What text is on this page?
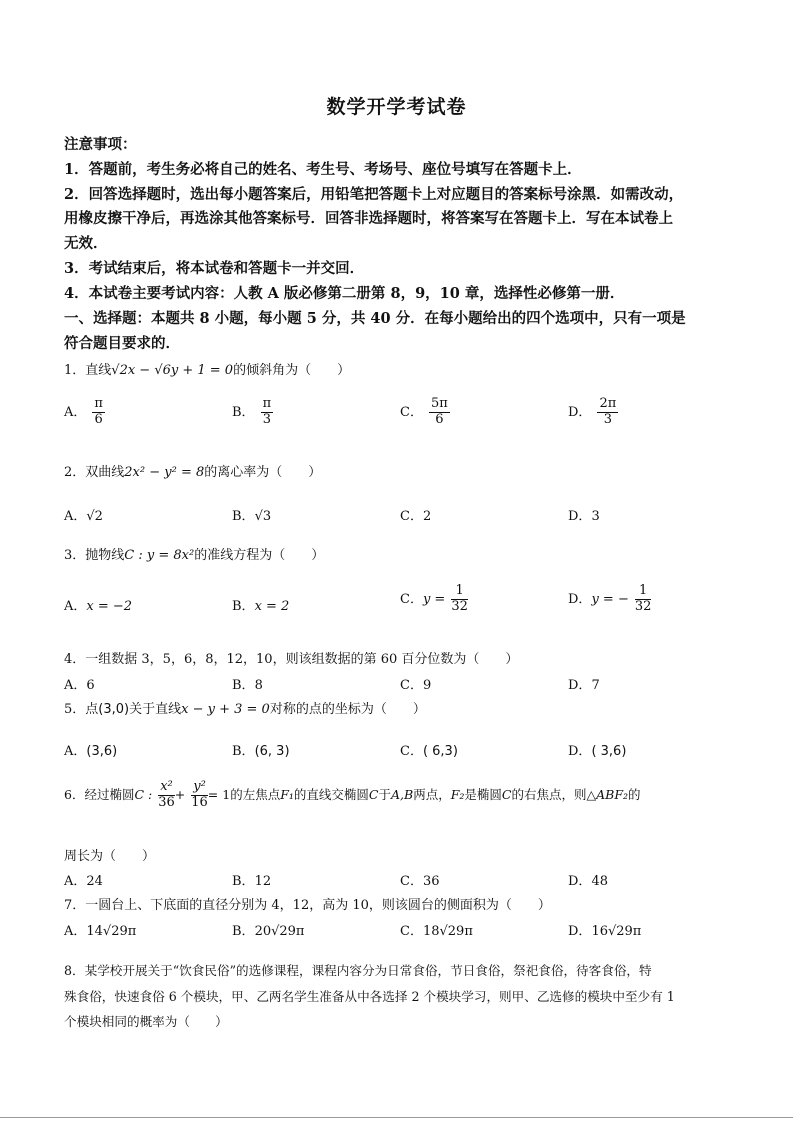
数学开学考试卷
注意事项：
1．答题前，考生务必将自己的姓名、考生号、考场号、座位号填写在答题卡上．
2．回答选择题时，选出每小题答案后，用铅笔把答题卡上对应题目的答案标号涂黑．如需改动，
用橡皮擦干净后，再选涂其他答案标号．回答非选择题时，将答案写在答题卡上．写在本试卷上
无效．
3．考试结束后，将本试卷和答题卡一并交回．
4．本试卷主要考试内容：人教 A 版必修第二册第 8，9，10 章，选择性必修第一册．
一、选择题：本题共 8 小题，每小题 5 分，共 40 分．在每小题给出的四个选项中，只有一项是
符合题目要求的．
1．直线√2x − √6y + 1 = 0的倾斜角为（　　）
A． $\frac{\pi}{6}$	B． $\frac{\pi}{3}$	C． $\frac{5\pi}{6}$	D． $\frac{2\pi}{3}$
2．双曲线2x² − y² = 8的离心率为（　　）
A．√2	B．√3	C．2	D．3
3．抛物线C : y = 8x²的准线方程为（　　）
A．x = −2	B．x = 2	C．$y = \frac{1}{32}$	D．y = − $\frac{1}{32}$
4．一组数据 3，5，6，8，12，10，则该组数据的第 60 百分位数为（　　）
A．6	B．8	C．9	D．7
5．点(3,0)关于直线x − y + 3 = 0对称的点的坐标为（　　）
A．(3,6)	B．(6, 3)	C．( 6,3)	D．( 3,6)
6．经过椭圆C : $\frac{\text{x²}}{36} + \frac{\text{y²}}{16} = 1$的左焦点F₁的直线交椭圆C于A,B两点，F₂是椭圆C的右焦点，则△ABF₂的
周长为（　　）
A．24	B．12	C．36	D．48
7．一圆台上、下底面的直径分别为 4，12，高为 10，则该圆台的侧面积为（　　）
A．14√29π	B．20√29π	C．18√29π	D．16√29π
8．某学校开展关于“饮食民俗”的选修课程，课程内容分为日常食俗，节日食俗，祭祀食俗，待客食俗，特
殊食俗，快速食俗 6 个模块，甲、乙两名学生准备从中各选择 2 个模块学习，则甲、乙选修的模块中至少有 1
个模块相同的概率为（　　）
